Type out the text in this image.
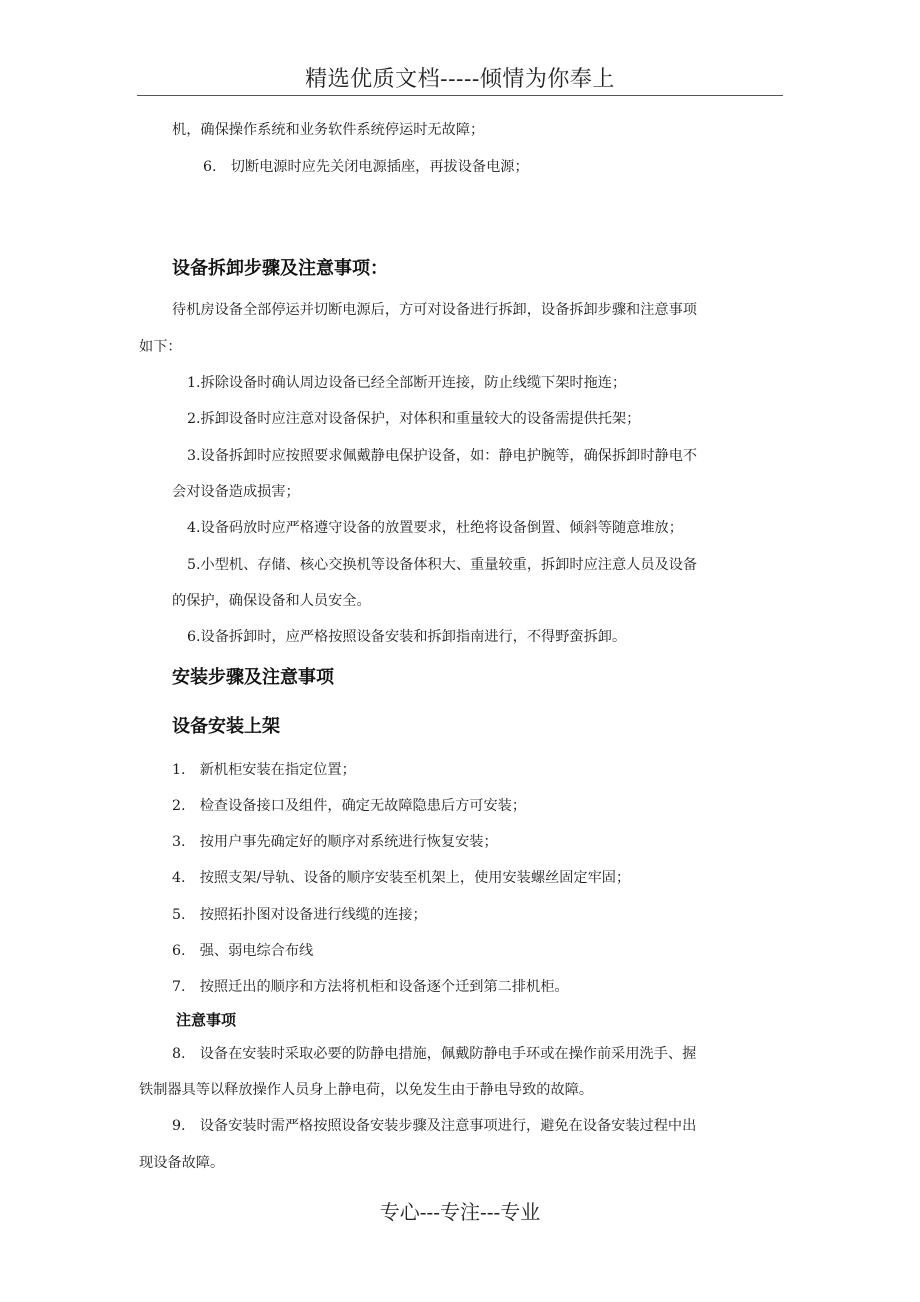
精选优质文档-----倾情为你奉上
机，确保操作系统和业务软件系统停运时无故障；
6.　切断电源时应先关闭电源插座，再拔设备电源；
设备拆卸步骤及注意事项：
待机房设备全部停运并切断电源后，方可对设备进行拆卸，设备拆卸步骤和注意事项
如下：
1.拆除设备时确认周边设备已经全部断开连接，防止线缆下架时拖连；
2.拆卸设备时应注意对设备保护，对体积和重量较大的设备需提供托架；
3.设备拆卸时应按照要求佩戴静电保护设备，如：静电护腕等，确保拆卸时静电不
会对设备造成损害；
4.设备码放时应严格遵守设备的放置要求，杜绝将设备倒置、倾斜等随意堆放；
5.小型机、存储、核心交换机等设备体积大、重量较重，拆卸时应注意人员及设备
的保护，确保设备和人员安全。
6.设备拆卸时，应严格按照设备安装和拆卸指南进行，不得野蛮拆卸。
安装步骤及注意事项
设备安装上架
1.　新机柜安装在指定位置；
2.　检查设备接口及组件，确定无故障隐患后方可安装；
3.　按用户事先确定好的顺序对系统进行恢复安装；
4.　按照支架/导轨、设备的顺序安装至机架上，使用安装螺丝固定牢固；
5.　按照拓扑图对设备进行线缆的连接；
6.　强、弱电综合布线
7.　按照迁出的顺序和方法将机柜和设备逐个迁到第二排机柜。
注意事项
8.　设备在安装时采取必要的防静电措施，佩戴防静电手环或在操作前采用洗手、握
铁制器具等以释放操作人员身上静电荷，以免发生由于静电导致的故障。
9.　设备安装时需严格按照设备安装步骤及注意事项进行，避免在设备安装过程中出
现设备故障。
专心---专注---专业
